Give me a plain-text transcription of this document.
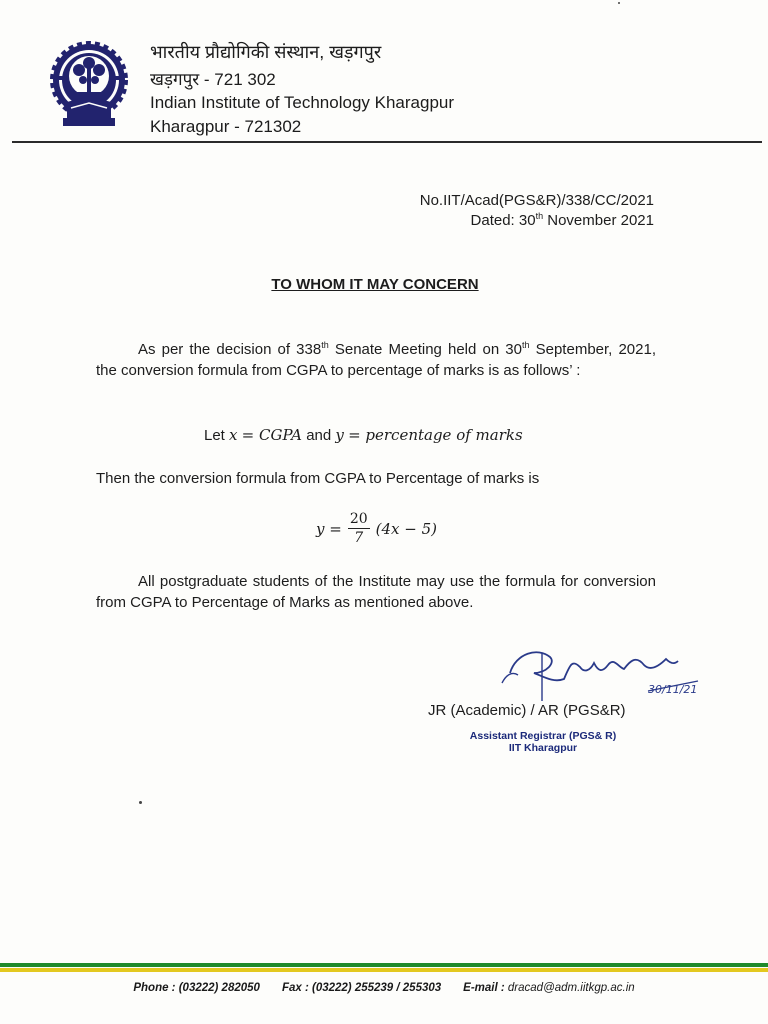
भारतीय प्रौद्योगिकी संस्थान, खड़गपुर
खड़गपुर - 721 302
Indian Institute of Technology Kharagpur
Kharagpur - 721302
No.IIT/Acad(PGS&R)/338/CC/2021
Dated: 30th November 2021
TO WHOM IT MAY CONCERN
As per the decision of 338th Senate Meeting held on 30th September, 2021, the conversion formula from CGPA to percentage of marks is as follows’ :
Let x = CGPA and y = percentage of marks
Then the conversion formula from CGPA to Percentage of marks is
$y = \frac{20}{7} (4x - 5)$
All postgraduate students of the Institute may use the formula for conversion from CGPA to Percentage of Marks as mentioned above.
30/11/21
JR (Academic) / AR (PGS&R)
Assistant Registrar (PGS& R)
IIT Kharagpur
Phone : (03222) 282050 Fax : (03222) 255239 / 255303 E-mail : dracad@adm.iitkgp.ac.in
